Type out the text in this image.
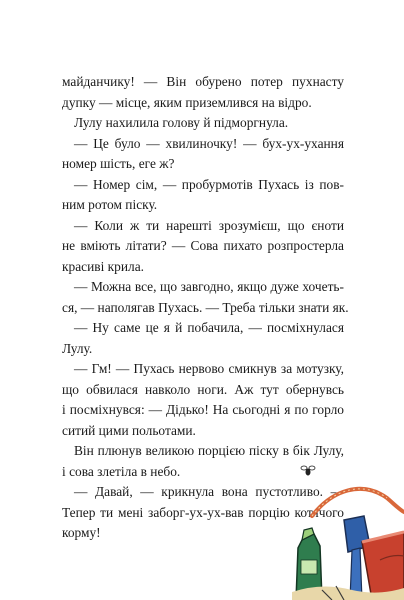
майданчику! — Він обурено потер пухнасту
дупку — місце, яким приземлився на відро.
Лулу нахилила голову й підморгнула.
— Це було — хвилиночку! — бух-ух-ухання
номер шість, еге ж?
— Номер сім, — пробурмотів Пухась із пов-
ним ротом піску.
— Коли ж ти нарешті зрозумієш, що єноти
не вміють літати? — Сова пихато розпростерла
красиві крила.
— Можна все, що завгодно, якщо дуже хочеть-
ся, — наполягав Пухась. — Треба тільки знати як.
— Ну саме це я й побачила, — посміхнулася
Лулу.
— Гм! — Пухась нервово смикнув за мотузку,
що обвилася навколо ноги. Аж тут обернувсь
і посміхнувся: — Дідько! На сьогодні я по горло
ситий цими польотами.
Він плюнув великою порцією піску в бік Лулу,
і сова злетіла в небо.
— Давай, — крикнула вона пустотливо. —
Тепер ти мені заборг-ух-ух-вав порцію котячого
корму!
